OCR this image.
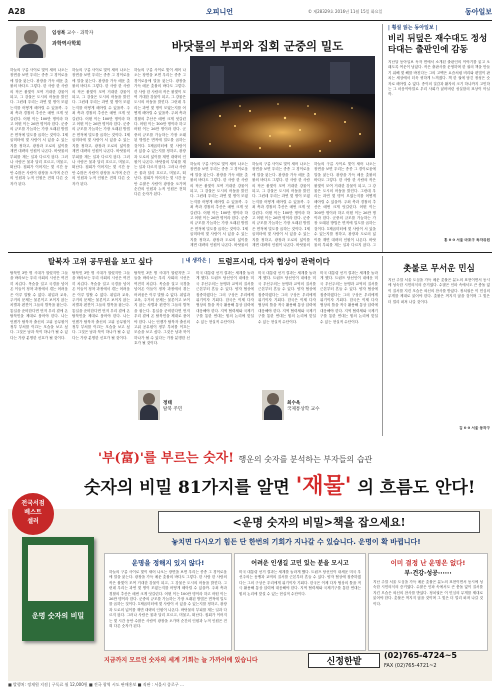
A28	오피니언	© 제28329호 2016년 11월 15일 화요일	동아일보
임성복 교수 · 과학자
과학역사학회	바닷물의 부피와 집회 군중의 밀도
하늘의 구름 사이로 빛이 새어 나오는 장면을 보면 우리는 종종 그 경이로움에 말을 잃는다. 광장을 가득 메운 촛불의 바다도 그렇다. 한 사람 한 사람의 작은 불빛이 모여 거대한 강물이 되고, 그 강물은 도시의 어둠을 밝힌다. 그런데 우리는 과연 몇 명이 모였는지를 어떻게 헤아릴 수 있을까. 주최 측과 경찰의 추산은 매번 크게 엇갈린다. 어떤 이는 100만 명이라 하고 어떤 이는 26만 명이라 한다. 군중의 규모를 가늠하는 가장 오래된 방법은 면적에 밀도를 곱하는 것이다. 1제곱미터에 몇 사람이 서 있을 수 있는지를 정하고, 광장과 도로의 넓이를 재면 대략의 인원이 나온다. 바닷물의 부피를 재는 일과 다르지 않다. 그러나 사람은 물과 달리 흐르고, 머물고, 떠난다. 집회가 이어지는 몇 시간 동안 수많은 사람이 광장을 오가며 순간의 인원과 누적 인원은 전혀 다른 숫자가 된다.
하늘의 구름 사이로 빛이 새어 나오는 장면을 보면 우리는 종종 그 경이로움에 말을 잃는다. 광장을 가득 메운 촛불의 바다도 그렇다. 한 사람 한 사람의 작은 불빛이 모여 거대한 강물이 되고, 그 강물은 도시의 어둠을 밝힌다. 그런데 우리는 과연 몇 명이 모였는지를 어떻게 헤아릴 수 있을까. 주최 측과 경찰의 추산은 매번 크게 엇갈린다. 어떤 이는 100만 명이라 하고 어떤 이는 26만 명이라 한다. 군중의 규모를 가늠하는 가장 오래된 방법은 면적에 밀도를 곱하는 것이다. 1제곱미터에 몇 사람이 서 있을 수 있는지를 정하고, 광장과 도로의 넓이를 재면 대략의 인원이 나온다. 바닷물의 부피를 재는 일과 다르지 않다. 그러나 사람은 물과 달리 흐르고, 머물고, 떠난다. 집회가 이어지는 몇 시간 동안 수많은 사람이 광장을 오가며 순간의 인원과 누적 인원은 전혀 다른 숫자가 된다.
하늘의 구름 사이로 빛이 새어 나오는 장면을 보면 우리는 종종 그 경이로움에 말을 잃는다. 광장을 가득 메운 촛불의 바다도 그렇다. 한 사람 한 사람의 작은 불빛이 모여 거대한 강물이 되고, 그 강물은 도시의 어둠을 밝힌다. 그런데 우리는 과연 몇 명이 모였는지를 어떻게 헤아릴 수 있을까. 주최 측과 경찰의 추산은 매번 크게 엇갈린다. 어떤 이는 100만 명이라 하고 어떤 이는 26만 명이라 한다. 군중의 규모를 가늠하는 가장 오래된 방법은 면적에 밀도를 곱하는 것이다. 1제곱미터에 몇 사람이 서 있을 수 있는지를 정하고, 광장과 도로의 넓이를 재면 대략의 인원이 나온다. 바닷물의 부피를 재는 일과 다르지 않다. 그러나 사람은 물과 달리 흐르고, 머물고, 떠난다. 집회가 이어지는 몇 시간 동안 수많은 사람이 광장을 오가며 순간의 인원과 누적 인원은 전혀 다른 숫자가 된다.
하늘의 구름 사이로 빛이 새어 나오는 장면을 보면 우리는 종종 그 경이로움에 말을 잃는다. 광장을 가득 메운 촛불의 바다도 그렇다. 한 사람 한 사람의 작은 불빛이 모여 거대한 강물이 되고, 그 강물은 도시의 어둠을 밝힌다. 그런데 우리는 과연 몇 명이 모였는지를 어떻게 헤아릴 수 있을까. 주최 측과 경찰의 추산은 매번 크게 엇갈린다. 어떤 이는 100만 명이라 하고 어떤 이는 26만 명이라 한다. 군중의 규모를 가늠하는 가장 오래된 방법은 면적에 밀도를 곱하는 것이다. 1제곱미터에 몇 사람이 서 있을 수 있는지를 정하고, 광장과 도로의 넓이를 재면 대략의 인원이 나온다. 바닷물의
하늘의 구름 사이로 빛이 새어 나오는 장면을 보면 우리는 종종 그 경이로움에 말을 잃는다. 광장을 가득 메운 촛불의 바다도 그렇다. 한 사람 한 사람의 작은 불빛이 모여 거대한 강물이 되고, 그 강물은 도시의 어둠을 밝힌다. 그런데 우리는 과연 몇 명이 모였는지를 어떻게 헤아릴 수 있을까. 주최 측과 경찰의 추산은 매번 크게 엇갈린다. 어떤 이는 100만 명이라 하고 어떤 이는 26만 명이라 한다. 군중의 규모를 가늠하는 가장 오래된 방법은 면적에 밀도를 곱하는 것이다. 1제곱미터에 몇 사람이 서 있을 수 있는지를 정하고, 광장과 도로의 넓이를 재면 대략의 인원이 나온다. 바닷물의
하늘의 구름 사이로 빛이 새어 나오는 장면을 보면 우리는 종종 그 경이로움에 말을 잃는다. 광장을 가득 메운 촛불의 바다도 그렇다. 한 사람 한 사람의 작은 불빛이 모여 거대한 강물이 되고, 그 강물은 도시의 어둠을 밝힌다. 그런데 우리는 과연 몇 명이 모였는지를 어떻게 헤아릴 수 있을까. 주최 측과 경찰의 추산은 매번 크게 엇갈린다. 어떤 이는 100만 명이라 하고 어떤 이는 26만 명이라 한다. 군중의 규모를 가늠하는 가장 오래된 방법은 면적에 밀도를 곱하는 것이다. 1제곱미터에 몇 사람이 서 있을 수 있는지를 정하고, 광장과 도로의 넓이를 재면 대략의 인원이 나온다. 바닷물의 부피를 재는 일과 다르지 않다. 그
| 횡설 읽는 동아일보 |
비리 뒤덮은 재수대도 정성 타대는 출판인에 감동
지난달 동아일보 독자 면에서 소개된 출판인의 이야기를 읽고 오래도록 여운이 남았다. 작은 출판사를 운영하며 한 권의 책을 만들기 위해 몇 해를 바친다는 그의 고백은 요즘처럼 비리와 편법이 판치는 세상에서 더욱 귀하게 느껴졌다. 책 한 권에 담긴 정성은 숫자로 헤아릴 수 없다. 종이의 질감과 활자의 크기 하나까지 고민하는 그 마음이야말로 우리 사회가 잃어버린 성실함의 표상이 아닐까.
홍 0 0 서울 마포구 독자위원
탈북자 고위 공무원을 보고 싶다	| 내 생각은 | 트럼프시대, 다자 협상이 관력이다
탈북민 3만 명 시대가 열렸지만 그들을 바라보는 우리 사회의 시선은 여전히 차갑다. 목숨을 걸고 국경을 넘어온 이들이 정착 과정에서 겪는 어려움은 이루 말할 수 없다. 취업과 교육, 주거의 문제는 물론이고 보이지 않는 차별과 편견이 그들의 발목을 잡는다. 통일을 준비한다면 먼저 우리 곁에 온 탈북민을 제대로 품어야 한다. 나는 언젠가 탈북자 출신의 고위 공무원이 정부 부처를 이끄는 모습을 보고 싶다. 그것은 남과 북이 하나가 될 수 있다는 가장 분명한 신호가 될 것이다.
탈북민 3만 명 시대가 열렸지만 그들을 바라보는 우리 사회의 시선은 여전히 차갑다. 목숨을 걸고 국경을 넘어온 이들이 정착 과정에서 겪는 어려움은 이루 말할 수 없다. 취업과 교육, 주거의 문제는 물론이고 보이지 않는 차별과 편견이 그들의 발목을 잡는다. 통일을 준비한다면 먼저 우리 곁에 온 탈북민을 제대로 품어야 한다. 나는 언젠가 탈북자 출신의 고위 공무원이 정부 부처를 이끄는 모습을 보고 싶다. 그것은 남과 북이 하나가 될 수 있다는 가장 분명한 신호가 될 것이다.
탈북민 3만 명 시대가 열렸지만 그들을 바라보는 우리 사회의 시선은 여전히 차갑다. 목숨을 걸고 국경을 넘어온 이들이 정착 과정에서 겪는 어려움은 이루 말할 수 없다. 취업과 교육, 주거의 문제는 물론이고 보이지 않는 차별과 편견이 그들의 발목을 잡는다. 통일을 준비한다면 먼저 우리 곁에 온 탈북민을 제대로 품어야 한다. 나는 언젠가 탈북자 출신의 고위 공무원이 정부 부처를 이끄는 모습을 보고 싶다. 그것은 남과 북이 하나가 될 수 있다는 가장 분명한 신호가 될 것이다.
정태
탈북 주민
미국 대통령 선거 결과는 세계를 놀라게 했다. 트럼프 당선인이 내세운 미국 우선주의는 동맹과 교역의 질서를 근본부터 흔들 수 있다. 양자 협상에 집중하겠다는 그의 구상은 우리에게 위기이자 기회다. 한국은 이제 다자 협상의 틀을 적극 활용해 통상 압력에 대응해야 한다. 지역 협력체와 국제기구를 통한 연대는 힘의 논리에 맞설 수 있는 현실적 수단이다.
미국 대통령 선거 결과는 세계를 놀라게 했다. 트럼프 당선인이 내세운 미국 우선주의는 동맹과 교역의 질서를 근본부터 흔들 수 있다. 양자 협상에 집중하겠다는 그의 구상은 우리에게 위기이자 기회다. 한국은 이제 다자 협상의 틀을 적극 활용해 통상 압력에 대응해야 한다. 지역 협력체와 국제기구를 통한 연대는 힘의 논리에 맞설 수 있는 현실적 수단이다.
최수옥
국제통상학 교수
미국 대통령 선거 결과는 세계를 놀라게 했다. 트럼프 당선인이 내세운 미국 우선주의는 동맹과 교역의 질서를 근본부터 흔들 수 있다. 양자 협상에 집중하겠다는 그의 구상은 우리에게 위기이자 기회다. 한국은 이제 다자 협상의 틀을 적극 활용해 통상 압력에 대응해야 한다. 지역 협력체와 국제기구를 통한 연대는 힘의 논리에 맞설 수 있는 현실적 수단이다.
촛불로 무서운 민심
지난 주말 서울 도심을 가득 메운 촛불은 분노의 표현이면서 동시에 성숙한 시민의식의 증거였다. 수많은 인파 속에서도 큰 충돌 없이 질서를 지킨 모습은 외신의 찬사를 받았다. 정치권은 이 민심의 무게를 제대로 읽어야 한다. 촛불은 꺼지지 않을 것이며 그 빛은 더 멀리 퍼져 나갈 것이다.
김 0 0 서울 동작구
'부(富)'를 부르는 숫자! 행운의 숫자를 분석하는 부자들의 습관
숫자의 비밀 81가지를 알면 '재물' 의 흐름도 안다!
전국서점
베스트
셀러
운명 숫자의 비밀
<운명 숫자의 비밀>책을 잡으세요!
놓치면 다시오기 힘든 단 한번의 기회가 지나갈 수 있습니다. 운명이 확 바뀝니다!
운명을 정해지 있지 않다!
하늘의 구름 사이로 빛이 새어 나오는 장면을 보면 우리는 종종 그 경이로움에 말을 잃는다. 광장을 가득 메운 촛불의 바다도 그렇다. 한 사람 한 사람의 작은 불빛이 모여 거대한 강물이 되고, 그 강물은 도시의 어둠을 밝힌다. 그런데 우리는 과연 몇 명이 모였는지를 어떻게 헤아릴 수 있을까. 주최 측과 경찰의 추산은 매번 크게 엇갈린다. 어떤 이는 100만 명이라 하고 어떤 이는 26만 명이라 한다. 군중의 규모를 가늠하는 가장 오래된 방법은 면적에 밀도를 곱하는 것이다. 1제곱미터에 몇 사람이 서 있을 수 있는지를 정하고, 광장과 도로의 넓이를 재면 대략의 인원이 나온다. 바닷물의 부피를 재는 일과 다르지 않다. 그러나 사람은 물과 달리 흐르고, 머물고, 떠난다. 집회가 이어지는 몇 시간 동안 수많은 사람이 광장을 오가며 순간의 인원과 누적 인원은 전혀 다른 숫자가 된다.
어려운 인생길 고민 있는 분을 모시고
미국 대통령 선거 결과는 세계를 놀라게 했다. 트럼프 당선인이 내세운 미국 우선주의는 동맹과 교역의 질서를 근본부터 흔들 수 있다. 양자 협상에 집중하겠다는 그의 구상은 우리에게 위기이자 기회다. 한국은 이제 다자 협상의 틀을 적극 활용해 통상 압력에 대응해야 한다. 지역 협력체와 국제기구를 통한 연대는 힘의 논리에 맞설 수 있는 현실적 수단이다.
이미 결정 난 운명은 없다!
부·건강·성공······
지난 주말 서울 도심을 가득 메운 촛불은 분노의 표현이면서 동시에 성숙한 시민의식의 증거였다. 수많은 인파 속에서도 큰 충돌 없이 질서를 지킨 모습은 외신의 찬사를 받았다. 정치권은 이 민심의 무게를 제대로 읽어야 한다. 촛불은 꺼지지 않을 것이며 그 빛은 더 멀리 퍼져 나갈 것이다.
지금까지 모르던 숫자의 세계 기회는 늘 가까이에 있습니다	신정한밭
(02)765-4724~5
FAX (02)765-4721~2
■ 발행처: 정재원 지점 | 구독료 월 12,000원 ■ 전국 광역 시도 판매홍보 ■ 직판 : 서울시 종로구 …
